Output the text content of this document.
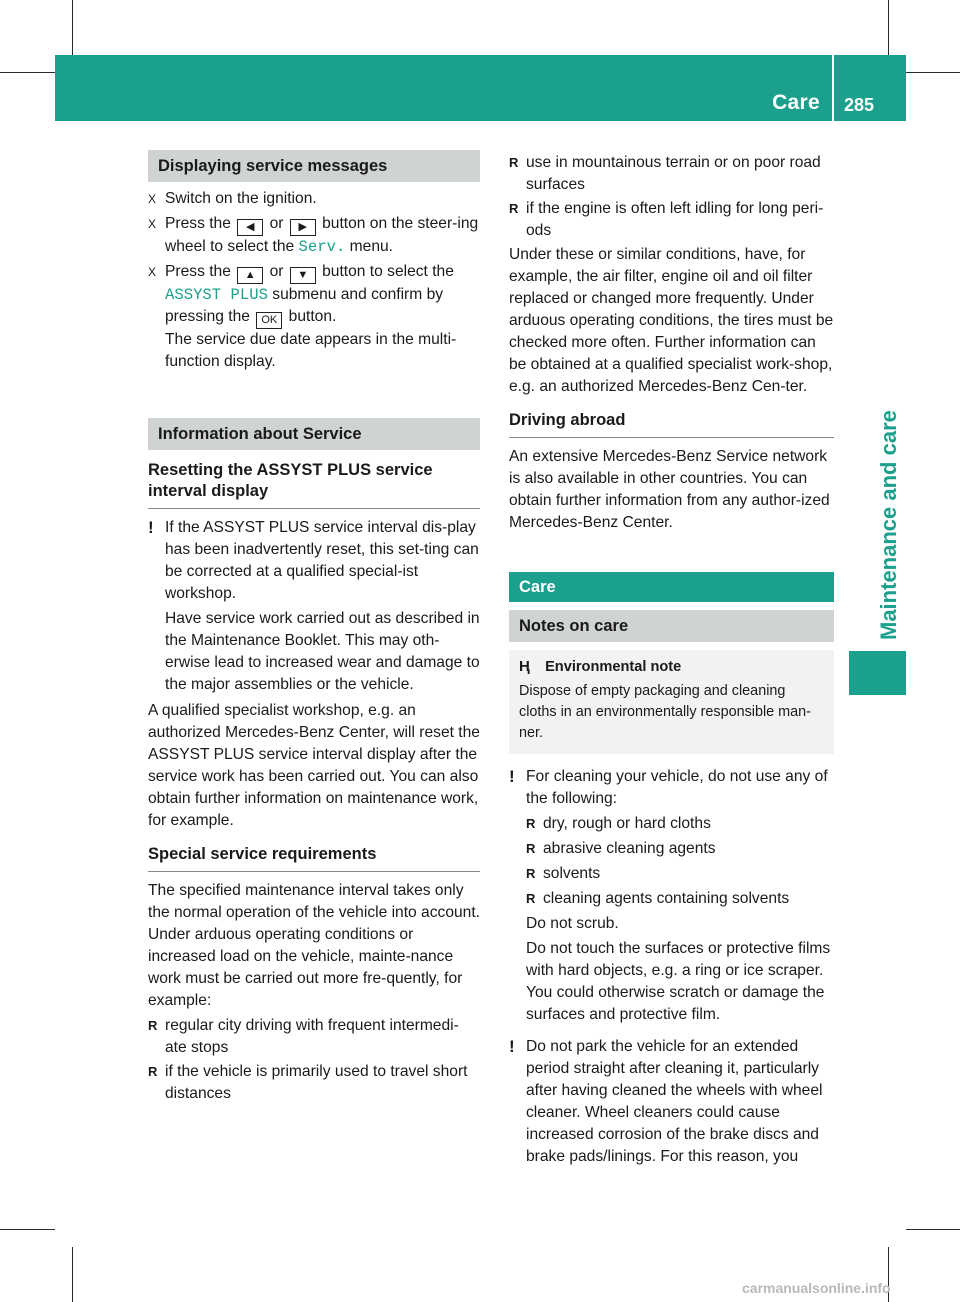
Care 285
Maintenance and care
Displaying service messages
X Switch on the ignition.
X Press the ◀ or ▶ button on the steer-ing wheel to select the Serv. menu.
X Press the ▲ or ▼ button to select the ASSYST PLUS submenu and confirm by pressing the OK button.
The service due date appears in the multi-function display.
Information about Service
Resetting the ASSYST PLUS service interval display
! If the ASSYST PLUS service interval dis-play has been inadvertently reset, this set-ting can be corrected at a qualified special-ist workshop.

Have service work carried out as described in the Maintenance Booklet. This may oth-erwise lead to increased wear and damage to the major assemblies or the vehicle.

A qualified specialist workshop, e.g. an authorized Mercedes-Benz Center, will reset the ASSYST PLUS service interval display after the service work has been carried out. You can also obtain further information on maintenance work, for example.

Special service requirements

The specified maintenance interval takes only the normal operation of the vehicle into account. Under arduous operating conditions or increased load on the vehicle, mainte-nance work must be carried out more fre-quently, for example:

R regular city driving with frequent intermedi-ate stops
R if the vehicle is primarily used to travel short distances
R use in mountainous terrain or on poor road surfaces
R if the engine is often left idling for long peri-ods

Under these or similar conditions, have, for example, the air filter, engine oil and oil filter replaced or changed more frequently. Under arduous operating conditions, the tires must be checked more often. Further information can be obtained at a qualified specialist work-shop, e.g. an authorized Mercedes-Benz Cen-ter.

Driving abroad

An extensive Mercedes-Benz Service network is also available in other countries. You can obtain further information from any author-ized Mercedes-Benz Center.

Care
Notes on care
Ⱨ Environmental note

Dispose of empty packaging and cleaning cloths in an environmentally responsible man-ner.

! For cleaning your vehicle, do not use any of the following:

R dry, rough or hard cloths
R abrasive cleaning agents
R solvents
R cleaning agents containing solvents

Do not scrub.

Do not touch the surfaces or protective films with hard objects, e.g. a ring or ice scraper. You could otherwise scratch or damage the surfaces and protective film.

! Do not park the vehicle for an extended period straight after cleaning it, particularly after having cleaned the wheels with wheel cleaner. Wheel cleaners could cause increased corrosion of the brake discs and brake pads/linings. For this reason, you

carmanualsonline.info
